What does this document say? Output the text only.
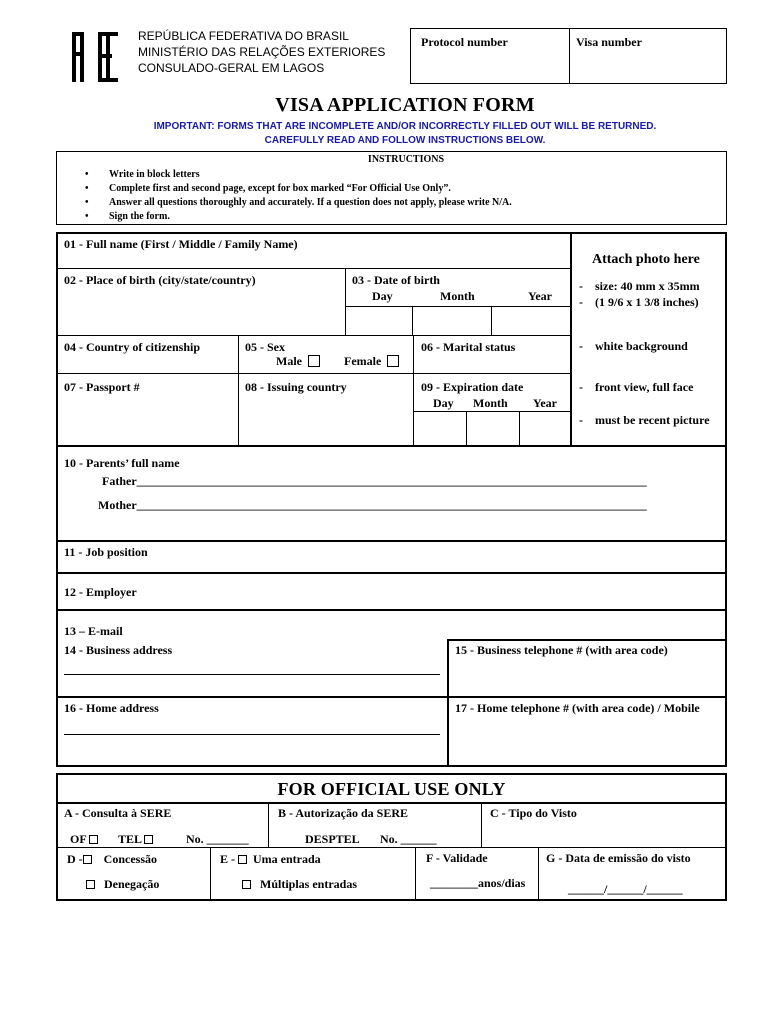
REPÚBLICA FEDERATIVA DO BRASIL
MINISTÉRIO DAS RELAÇÕES EXTERIORES
CONSULADO-GERAL EM LAGOS
Protocol number	Visa number
VISA APPLICATION FORM
IMPORTANT: FORMS THAT ARE INCOMPLETE AND/OR INCORRECTLY FILLED OUT WILL BE RETURNED.
CAREFULLY READ AND FOLLOW INSTRUCTIONS BELOW.
INSTRUCTIONS
• Write in block letters
• Complete first and second page, except for box marked “For Official Use Only”.
• Answer all questions thoroughly and accurately. If a question does not apply, please write N/A.
• Sign the form.
Attach photo here
- size: 40 mm x 35mm
- (1 9/6 x 1 3/8 inches)
- white background
- front view, full face
- must be recent picture
01 - Full name (First / Middle / Family Name)
02 - Place of birth (city/state/country)	03 - Date of birth
Day	Month	Year
04 - Country of citizenship	05 - Sex
Male	Female
06 - Marital status
07 - Passport #	08 - Issuing country	09 - Expiration date
Day Month Year
10 - Parents’ full name
Father_____________________________________________________________________________________
Mother_____________________________________________________________________________________
11 - Job position
12 - Employer
13 – E-mail
14 - Business address	15 - Business telephone # (with area code)
16 - Home address	17 - Home telephone # (with area code) / Mobile
FOR OFFICIAL USE ONLY
A - Consulta à SERE
OF	TEL	No. _______
B - Autorização da SERE
DESPTEL No. ______
C - Tipo do Visto
D - Concessão
Denegação
E - Uma entrada
Múltiplas entradas
F - Validade
________anos/dias
G - Data de emissão do visto
______/______/______
